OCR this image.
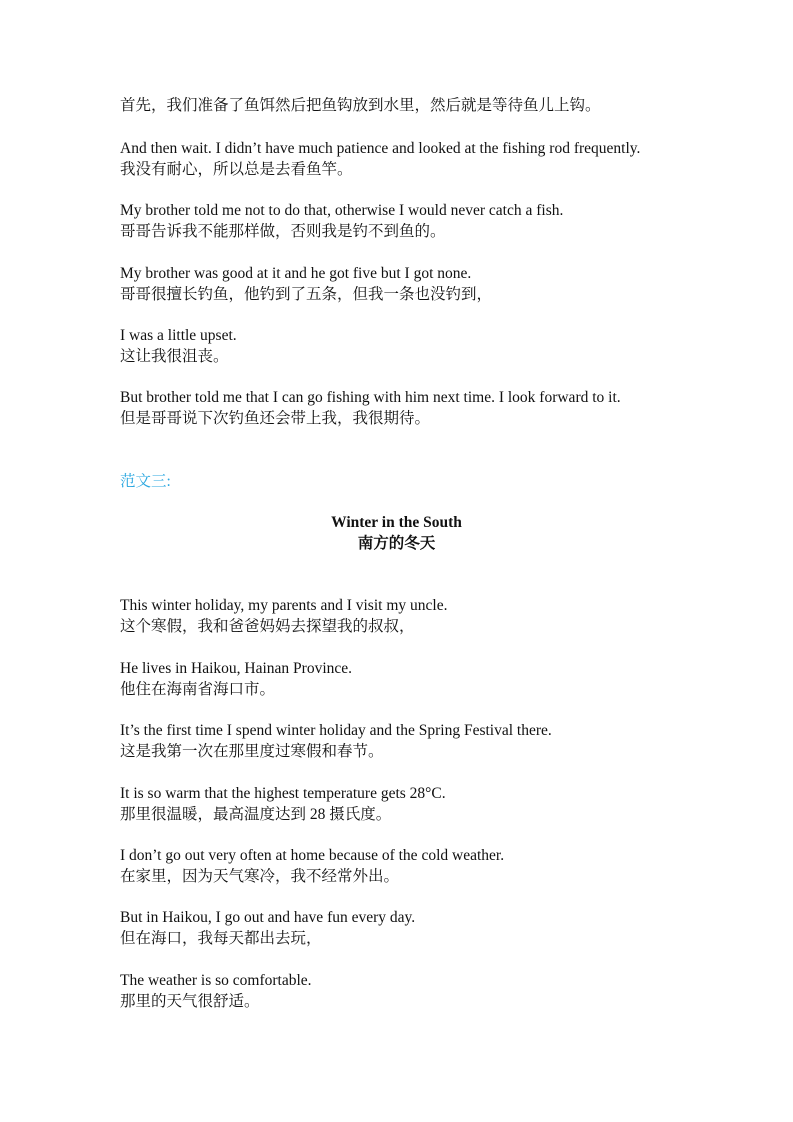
首先，我们准备了鱼饵然后把鱼钩放到水里，然后就是等待鱼儿上钩。
And then wait. I didn’t have much patience and looked at the fishing rod frequently.
我没有耐心，所以总是去看鱼竿。
My brother told me not to do that, otherwise I would never catch a fish.
哥哥告诉我不能那样做，否则我是钓不到鱼的。
My brother was good at it and he got five but I got none.
哥哥很擅长钓鱼，他钓到了五条，但我一条也没钓到，
I was a little upset.
这让我很沮丧。
But brother told me that I can go fishing with him next time. I look forward to it.
但是哥哥说下次钓鱼还会带上我，我很期待。
范文三:
Winter in the South
南方的冬天
This winter holiday, my parents and I visit my uncle.
这个寒假，我和爸爸妈妈去探望我的叔叔，
He lives in Haikou, Hainan Province.
他住在海南省海口市。
It’s the first time I spend winter holiday and the Spring Festival there.
这是我第一次在那里度过寒假和春节。
It is so warm that the highest temperature gets 28°C.
那里很温暖，最高温度达到 28 摄氏度。
I don’t go out very often at home because of the cold weather.
在家里，因为天气寒冷，我不经常外出。
But in Haikou, I go out and have fun every day.
但在海口，我每天都出去玩，
The weather is so comfortable.
那里的天气很舒适。
